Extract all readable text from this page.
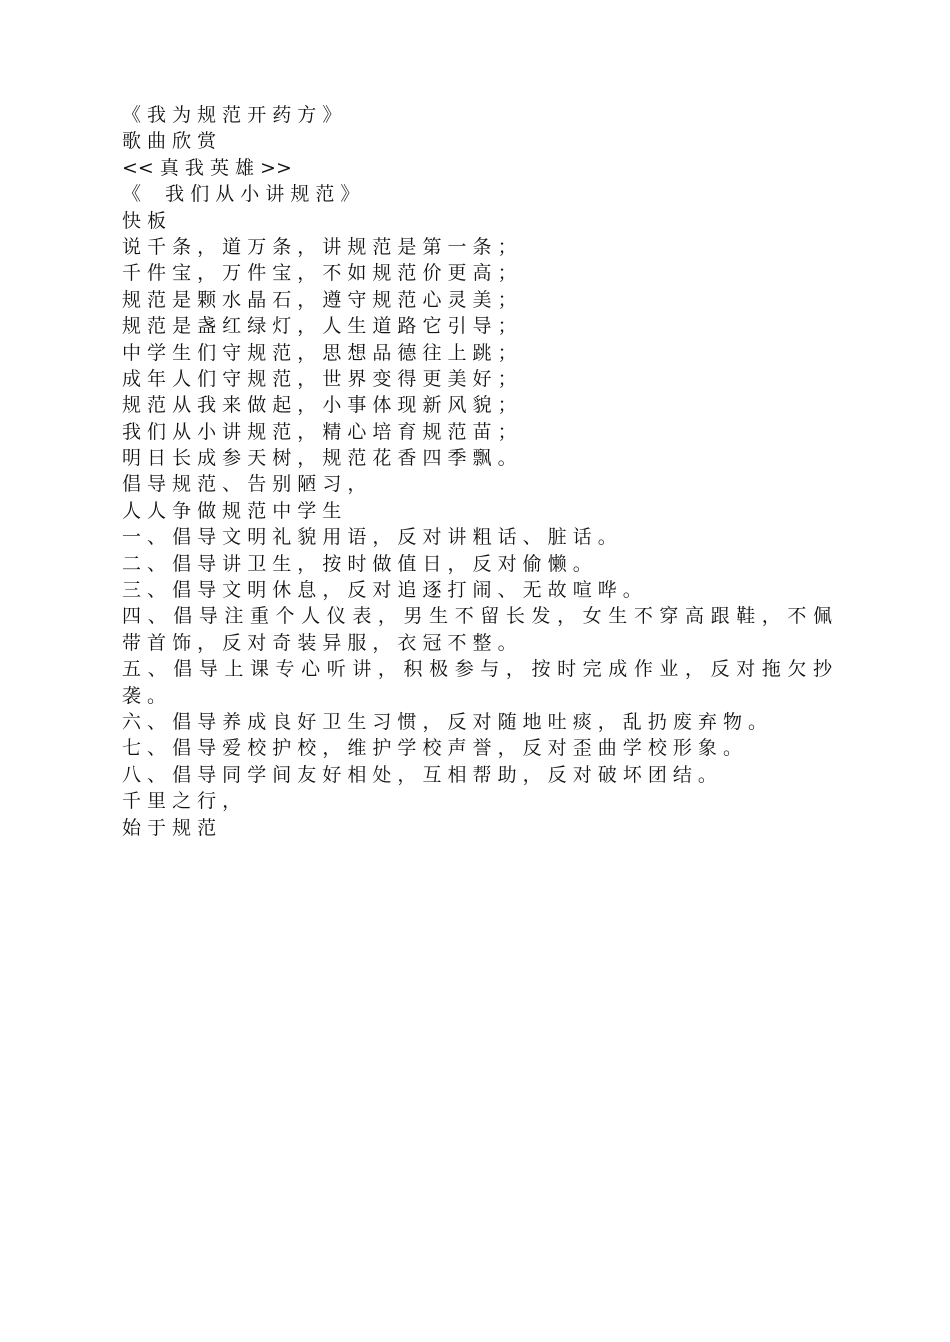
《 我 为 规 范 开 药 方 》
歌 曲 欣 赏
<< 真 我 英 雄 >>
《    我 们 从 小 讲 规 范 》
快 板
说 千 条 ， 道 万 条 ， 讲 规 范 是 第 一 条 ；
千 件 宝 ， 万 件 宝 ， 不 如 规 范 价 更 高 ；
规 范 是 颗 水 晶 石 ， 遵 守 规 范 心 灵 美 ；
规 范 是 盏 红 绿 灯 ， 人 生 道 路 它 引 导 ；
中 学 生 们 守 规 范 ， 思 想 品 德 往 上 跳 ；
成 年 人 们 守 规 范 ， 世 界 变 得 更 美 好 ；
规 范 从 我 来 做 起 ， 小 事 体 现 新 风 貌 ；
我 们 从 小 讲 规 范 ， 精 心 培 育 规 范 苗 ；
明 日 长 成 参 天 树 ， 规 范 花 香 四 季 飘 。
倡 导 规 范 、 告 别 陋 习 ，
人 人 争 做 规 范 中 学 生
一 、 倡 导 文 明 礼 貌 用 语 ， 反 对 讲 粗 话 、 脏 话 。
二 、 倡 导 讲 卫 生 ， 按 时 做 值 日 ， 反 对 偷 懒 。
三 、 倡 导 文 明 休 息 ， 反 对 追 逐 打 闹 、 无 故 喧 哗 。
四 、 倡 导 注 重 个 人 仪 表 ， 男 生 不 留 长 发 ， 女 生 不 穿 高 跟 鞋 ， 不 佩 带 首 饰 ， 反 对 奇 装 异 服 ， 衣 冠 不 整 。
五 、 倡 导 上 课 专 心 听 讲 ， 积 极 参 与 ， 按 时 完 成 作 业 ， 反 对 拖 欠 抄 袭 。
六 、 倡 导 养 成 良 好 卫 生 习 惯 ， 反 对 随 地 吐 痰 ， 乱 扔 废 弃 物 。
七 、 倡 导 爱 校 护 校 ， 维 护 学 校 声 誉 ， 反 对 歪 曲 学 校 形 象 。
八 、 倡 导 同 学 间 友 好 相 处 ， 互 相 帮 助 ， 反 对 破 坏 团 结 。
千 里 之 行 ，
始 于 规 范
